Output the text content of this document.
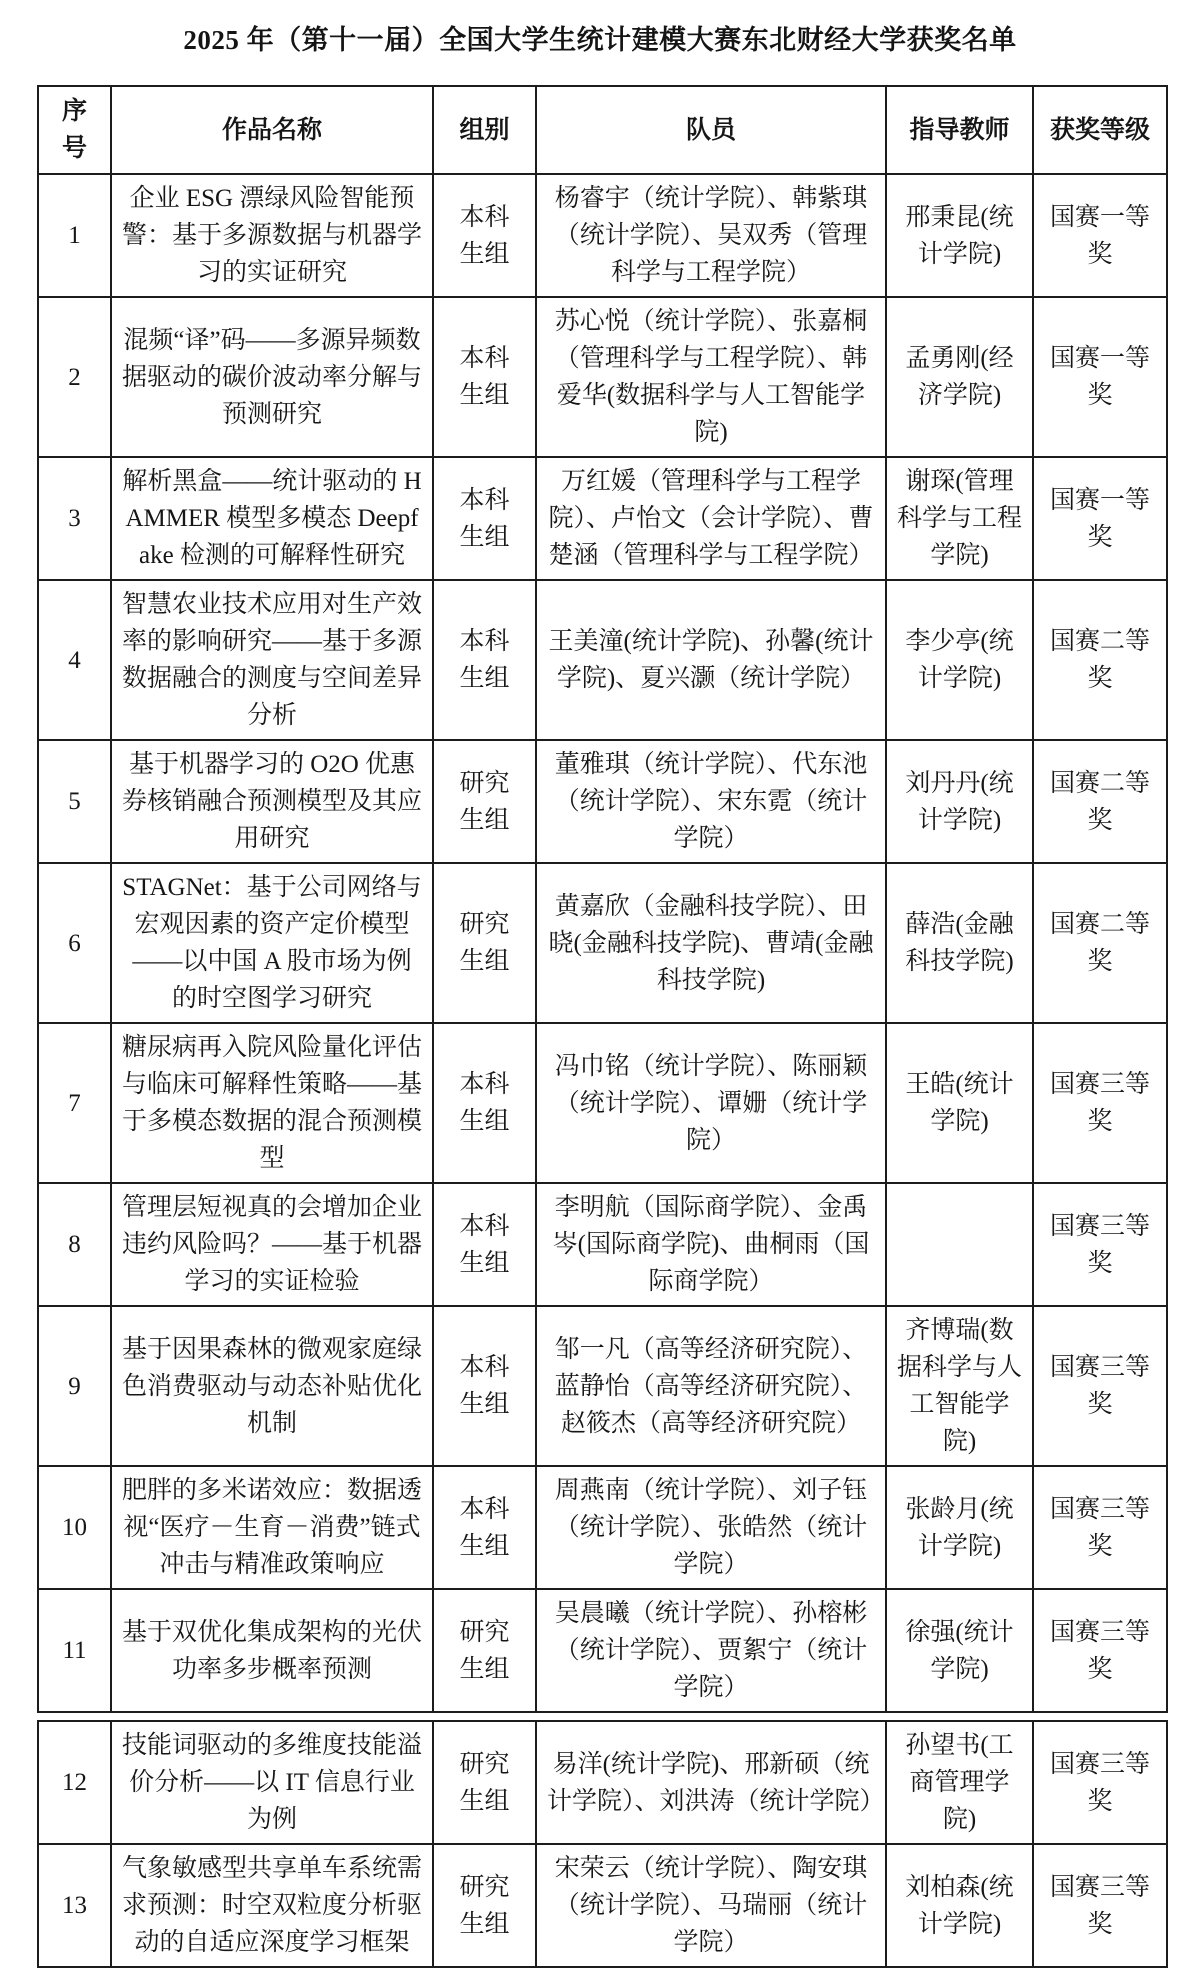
2025 年（第十一届）全国大学生统计建模大赛东北财经大学获奖名单
序号	作品名称	组别	队员	指导教师	获奖等级
1	企业 ESG 漂绿风险智能预警：基于多源数据与机器学习的实证研究	本科生组	杨睿宇（统计学院）、韩紫琪（统计学院）、吴双秀（管理科学与工程学院）	邢秉昆(统计学院)	国赛一等奖
2	混频“译”码——多源异频数据驱动的碳价波动率分解与预测研究	本科生组	苏心悦（统计学院）、张嘉桐（管理科学与工程学院）、韩爱华(数据科学与人工智能学院)	孟勇刚(经济学院)	国赛一等奖
3	解析黑盒——统计驱动的 HAMMER 模型多模态 Deepfake 检测的可解释性研究	本科生组	万红媛（管理科学与工程学院）、卢怡文（会计学院）、曹楚涵（管理科学与工程学院）	谢琛(管理科学与工程学院)	国赛一等奖
4	智慧农业技术应用对生产效率的影响研究——基于多源数据融合的测度与空间差异分析	本科生组	王美潼(统计学院)、孙馨(统计学院)、夏兴灏（统计学院）	李少亭(统计学院)	国赛二等奖
5	基于机器学习的 O2O 优惠券核销融合预测模型及其应用研究	研究生组	董雅琪（统计学院）、代东池（统计学院）、宋东霓（统计学院）	刘丹丹(统计学院)	国赛二等奖
6	STAGNet：基于公司网络与宏观因素的资产定价模型——以中国 A 股市场为例的时空图学习研究	研究生组	黄嘉欣（金融科技学院）、田晓(金融科技学院)、曹靖(金融科技学院)	薛浩(金融科技学院)	国赛二等奖
7	糖尿病再入院风险量化评估与临床可解释性策略——基于多模态数据的混合预测模型	本科生组	冯巾铭（统计学院）、陈丽颖（统计学院）、谭姗（统计学院）	王皓(统计学院)	国赛三等奖
8	管理层短视真的会增加企业违约风险吗？——基于机器学习的实证检验	本科生组	李明航（国际商学院）、金禹岑(国际商学院)、曲桐雨（国际商学院）		国赛三等奖
9	基于因果森林的微观家庭绿色消费驱动与动态补贴优化机制	本科生组	邹一凡（高等经济研究院）、蓝静怡（高等经济研究院）、赵筱杰（高等经济研究院）	齐博瑞(数据科学与人工智能学院)	国赛三等奖
10	肥胖的多米诺效应：数据透视“医疗－生育－消费”链式冲击与精准政策响应	本科生组	周燕南（统计学院）、刘子钰（统计学院）、张皓然（统计学院）	张龄月(统计学院)	国赛三等奖
11	基于双优化集成架构的光伏功率多步概率预测	研究生组	吴晨曦（统计学院）、孙榕彬（统计学院）、贾絮宁（统计学院）	徐强(统计学院)	国赛三等奖
12	技能词驱动的多维度技能溢价分析——以 IT 信息行业为例	研究生组	易洋(统计学院)、邢新硕（统计学院）、刘洪涛（统计学院）	孙望书(工商管理学院)	国赛三等奖
13	气象敏感型共享单车系统需求预测：时空双粒度分析驱动的自适应深度学习框架	研究生组	宋荣云（统计学院）、陶安琪（统计学院）、马瑞丽（统计学院）	刘柏森(统计学院)	国赛三等奖
